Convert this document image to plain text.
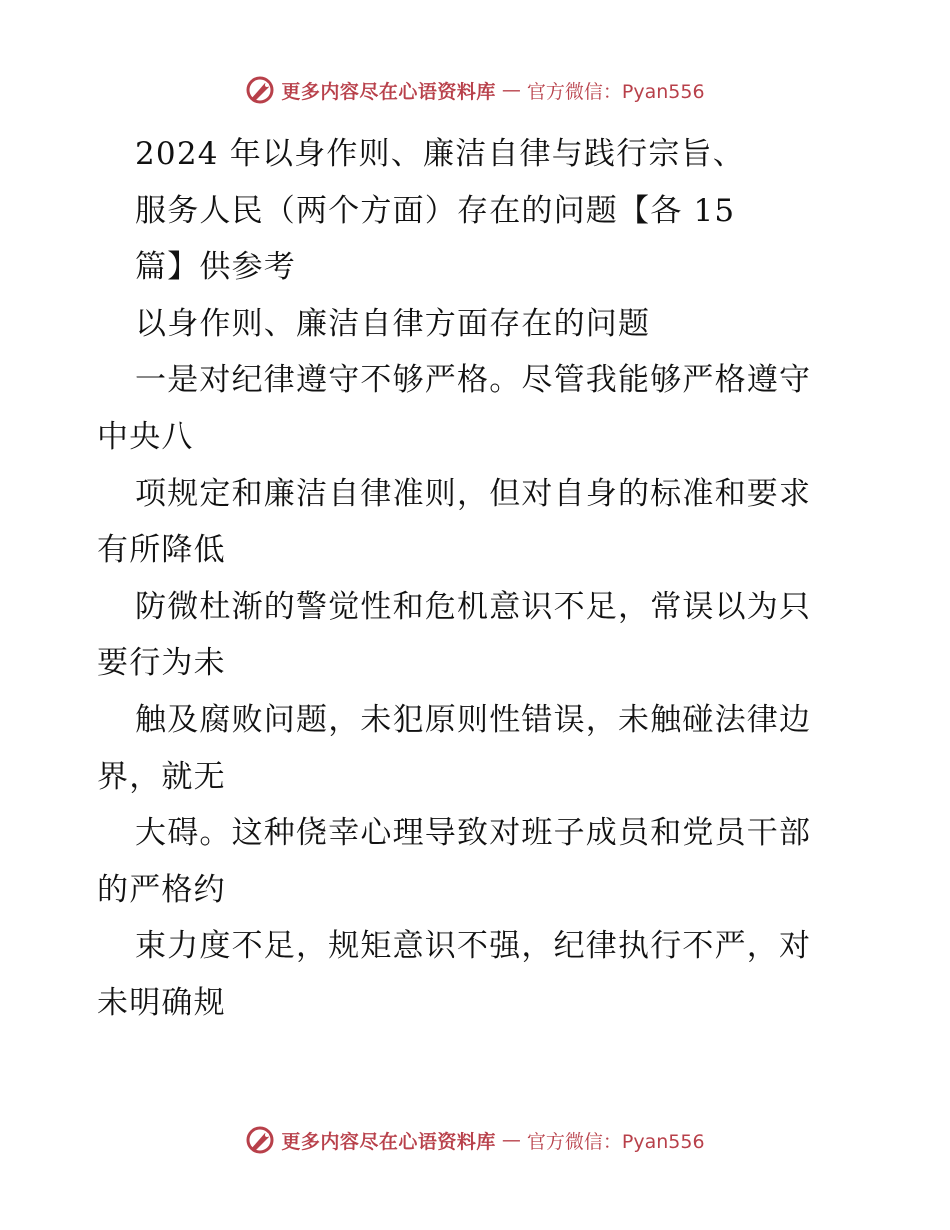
更多内容尽在心语资料库 — 官方微信：Pyan556
2024 年以身作则、廉洁自律与践行宗旨、
服务人民（两个方面）存在的问题【各 15
篇】供参考
以身作则、廉洁自律方面存在的问题
一是对纪律遵守不够严格。尽管我能够严格遵守
中央八
项规定和廉洁自律准则，但对自身的标准和要求
有所降低
防微杜渐的警觉性和危机意识不足，常误以为只
要行为未
触及腐败问题，未犯原则性错误，未触碰法律边
界，就无
大碍。这种侥幸心理导致对班子成员和党员干部
的严格约
束力度不足，规矩意识不强，纪律执行不严，对
未明确规
更多内容尽在心语资料库 — 官方微信：Pyan556
